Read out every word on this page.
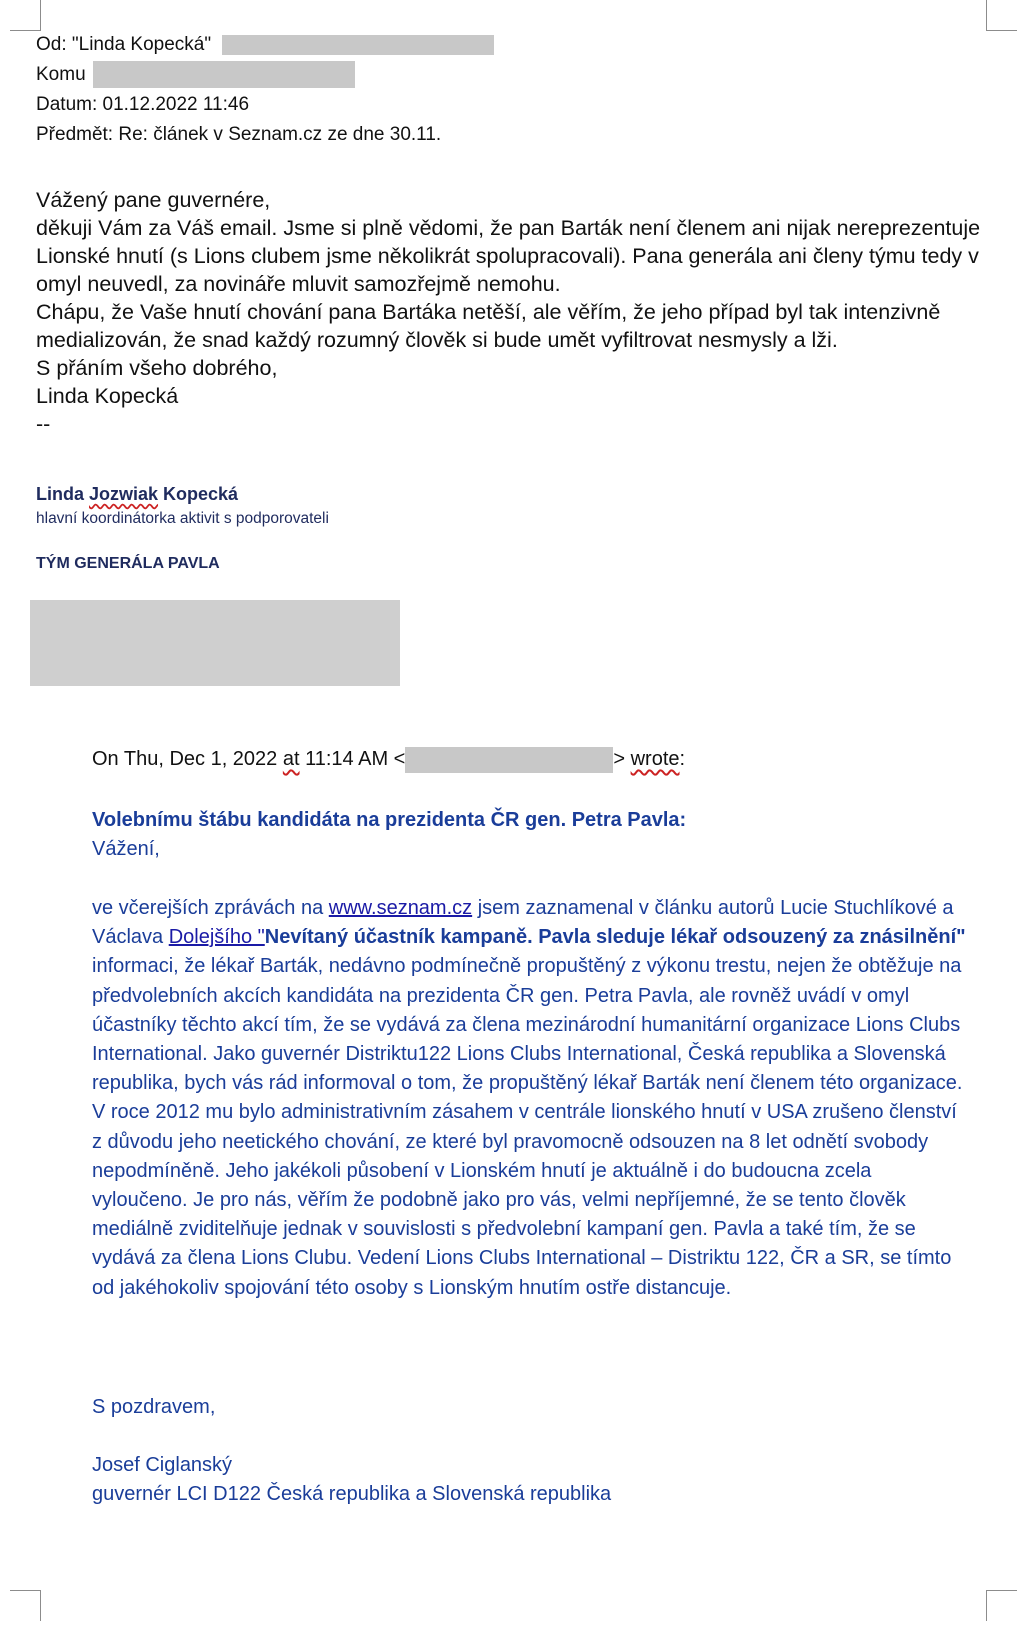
Od: "Linda Kopecká"
Komu
Datum: 01.12.2022 11:46
Předmět: Re: článek v Seznam.cz ze dne 30.11.

Vážený pane guvernére,

děkuji Vám za Váš email. Jsme si plně vědomi, že pan Barták není členem ani nijak nereprezentuje Lionské hnutí (s Lions clubem jsme několikrát spolupracovali). Pana generála ani členy týmu tedy v omyl neuvedl, za novináře mluvit samozřejmě nemohu.

Chápu, že Vaše hnutí chování pana Bartáka netěší, ale věřím, že jeho případ byl tak intenzivně medializován, že snad každý rozumný člověk si bude umět vyfiltrovat nesmysly a lži.

S přáním všeho dobrého,

Linda Kopecká

--

Linda Jozwiak Kopecká
hlavní koordinátorka aktivit s podporovateli
TÝM GENERÁLA PAVLA
On Thu, Dec 1, 2022 at 11:14 AM <	> wrote:

Volebnímu štábu kandidáta na prezidenta ČR gen. Petra Pavla:

Vážení,

ve včerejších zprávách na www.seznam.cz jsem zaznamenal v článku autorů Lucie Stuchlíkové a Václava Dolejšího "Nevítaný účastník kampaně. Pavla sleduje lékař odsouzený za znásilnění" informaci, že lékař Barták, nedávno podmínečně propuštěný z výkonu trestu, nejen že obtěžuje na předvolebních akcích kandidáta na prezidenta ČR gen. Petra Pavla, ale rovněž uvádí v omyl účastníky těchto akcí tím, že se vydává za člena mezinárodní humanitární organizace Lions Clubs International. Jako guvernér Distriktu122 Lions Clubs International, Česká republika a Slovenská republika, bych vás rád informoval o tom, že propuštěný lékař Barták není členem této organizace. V roce 2012 mu bylo administrativním zásahem v centrále lionského hnutí v USA zrušeno členství z důvodu jeho neetického chování, ze které byl pravomocně odsouzen na 8 let odnětí svobody nepodmíněně. Jeho jakékoli působení v Lionském hnutí je aktuálně i do budoucna zcela vyloučeno. Je pro nás, věřím že podobně jako pro vás, velmi nepříjemné, že se tento člověk mediálně zviditelňuje jednak v souvislosti s předvolební kampaní gen. Pavla a také tím, že se vydává za člena Lions Clubu. Vedení Lions Clubs International – Distriktu 122, ČR a SR, se tímto od jakéhokoliv spojování této osoby s Lionským hnutím ostře distancuje.

S pozdravem,
Josef Ciglanský
guvernér LCI D122 Česká republika a Slovenská republika
